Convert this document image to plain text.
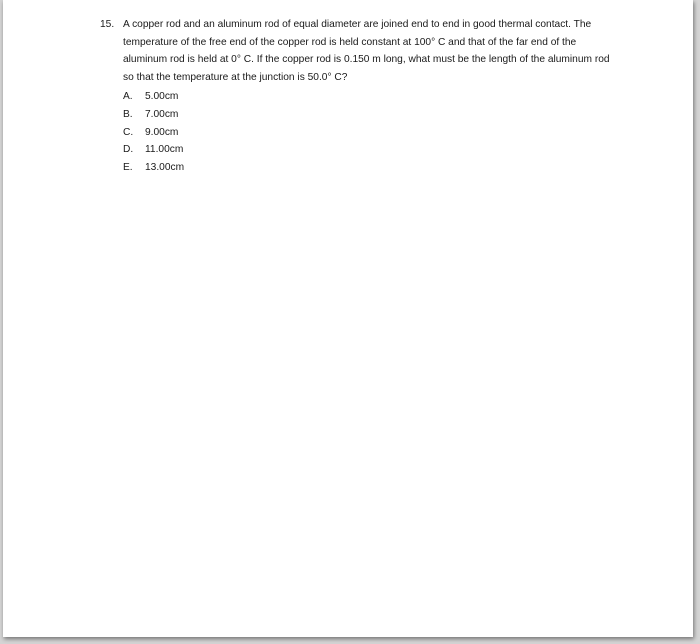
15. A copper rod and an aluminum rod of equal diameter are joined end to end in good thermal contact. The temperature of the free end of the copper rod is held constant at 100° C and that of the far end of the aluminum rod is held at 0° C. If the copper rod is 0.150 m long, what must be the length of the aluminum rod so that the temperature at the junction is 50.0° C?
A.	5.00cm
B.	7.00cm
C.	9.00cm
D.	11.00cm
E.	13.00cm
